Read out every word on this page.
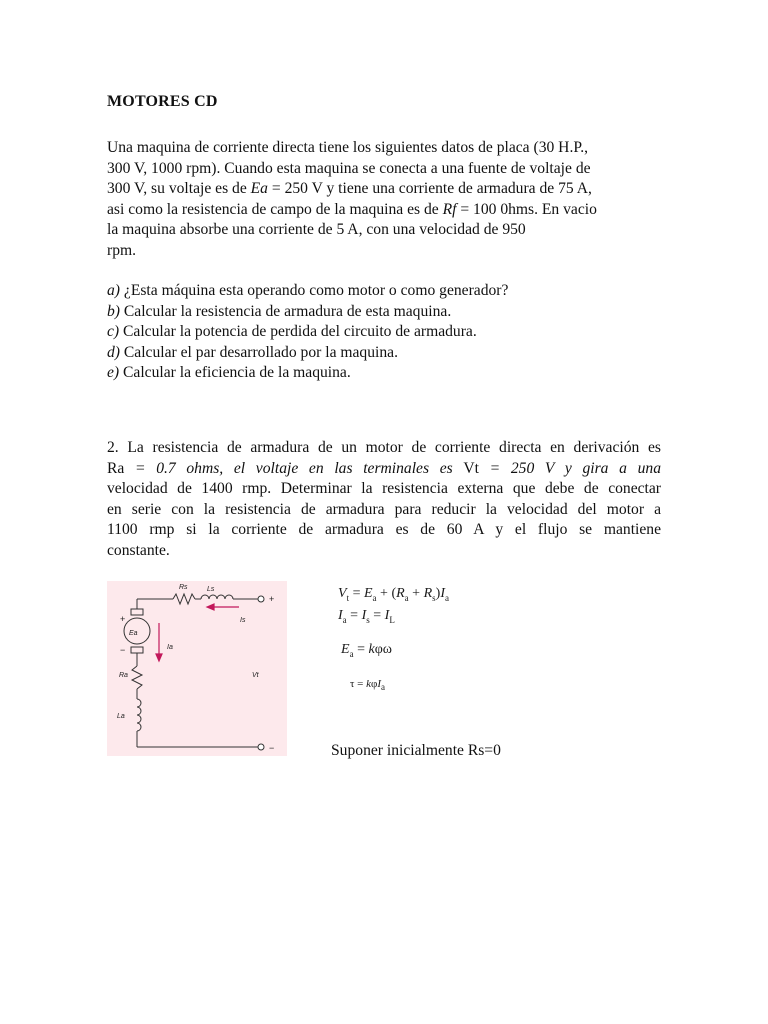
MOTORES CD
Una maquina de corriente directa tiene los siguientes datos de placa (30 H.P.,
300 V, 1000 rpm). Cuando esta maquina se conecta a una fuente de voltaje de
300 V, su voltaje es de Ea = 250 V y tiene una corriente de armadura de 75 A,
asi como la resistencia de campo de la maquina es de Rf = 100 0hms. En vacio
la maquina absorbe una corriente de 5 A, con una velocidad de 950
rpm.
a) ¿Esta máquina esta operando como motor o como generador?
b) Calcular la resistencia de armadura de esta maquina.
c) Calcular la potencia de perdida del circuito de armadura.
d) Calcular el par desarrollado por la maquina.
e) Calcular la eficiencia de la maquina.
2. La resistencia de armadura de un motor de corriente directa en derivación es
Ra = 0.7 ohms, el voltaje en las terminales es Vt = 250 V y gira a una
velocidad de 1400 rmp. Determinar la resistencia externa que debe de conectar
en serie con la resistencia de armadura para reducir la velocidad del motor a
1100 rmp si la corriente de armadura es de 60 A y el flujo se mantiene
constante.
Rs	Ls
Is
Ea
Ia
Ra	Vt
La
+
−
+
−
$V_t = E_a + (R_a + R_s)I_a$
$I_a = I_s = I_L$
$E_a = k\varphi\omega$
τ = kφI$_a$
Suponer inicialmente Rs=0
